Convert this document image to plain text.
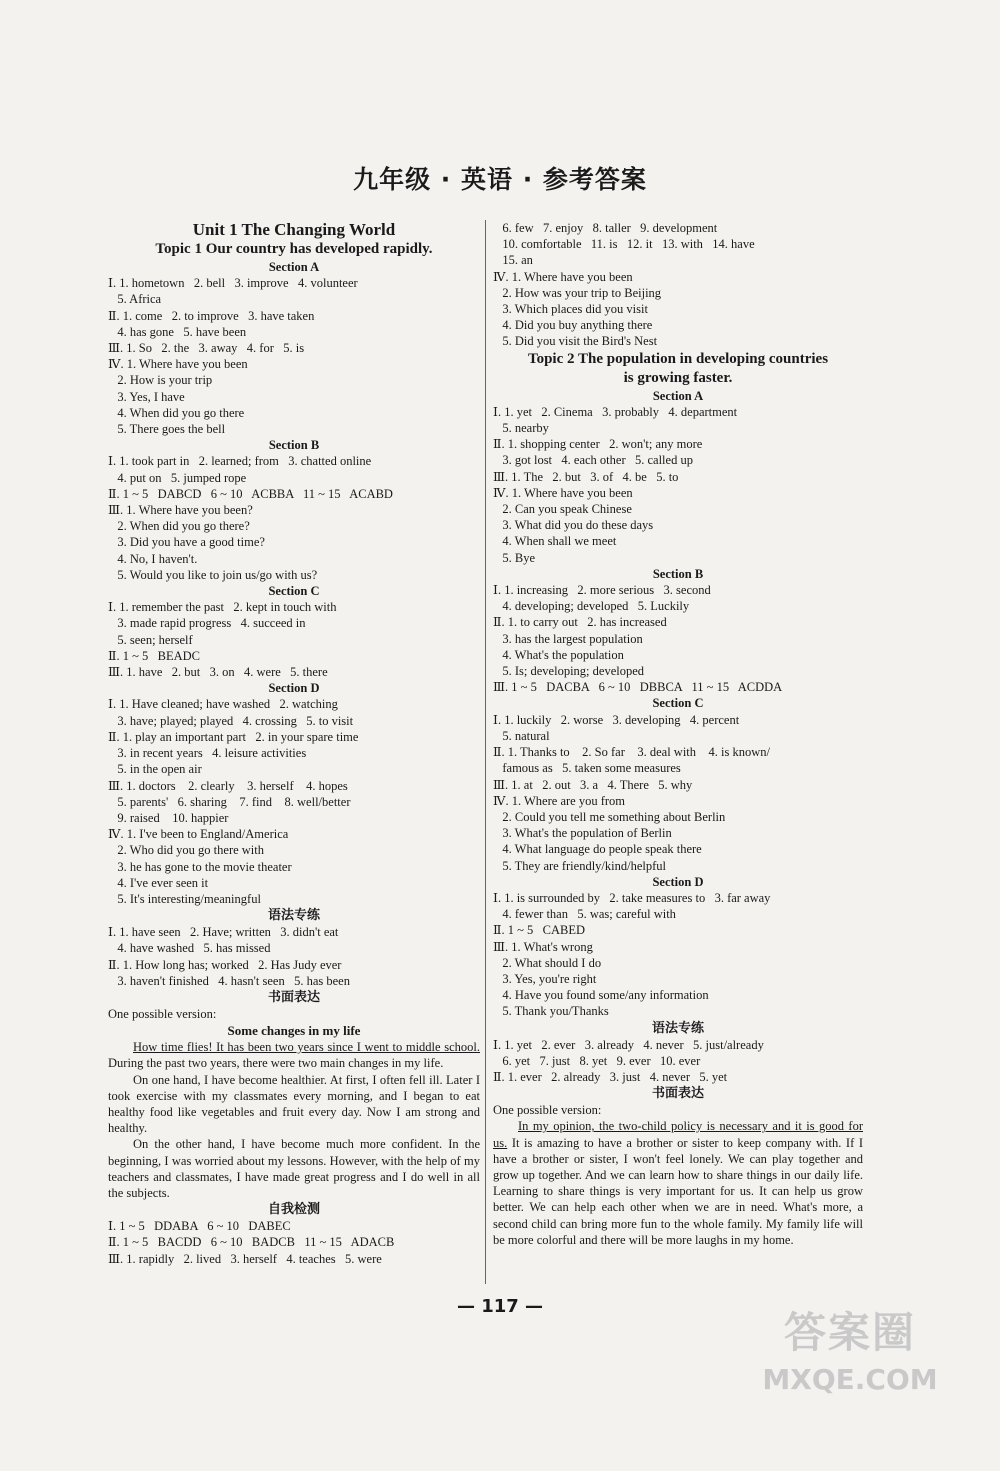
九年级 · 英语 · 参考答案
Unit 1 The Changing World
Topic 1 Our country has developed rapidly.
Section A
Ⅰ. 1. hometown   2. bell   3. improve   4. volunteer
5. Africa
Ⅱ. 1. come   2. to improve   3. have taken
4. has gone   5. have been
Ⅲ. 1. So   2. the   3. away   4. for   5. is
Ⅳ. 1. Where have you been
2. How is your trip
3. Yes, I have
4. When did you go there
5. There goes the bell
Section B
Ⅰ. 1. took part in   2. learned; from   3. chatted online
4. put on   5. jumped rope
Ⅱ. 1 ~ 5   DABCD   6 ~ 10   ACBBA   11 ~ 15   ACABD
Ⅲ. 1. Where have you been?
2. When did you go there?
3. Did you have a good time?
4. No, I haven't.
5. Would you like to join us/go with us?
Section C
Ⅰ. 1. remember the past   2. kept in touch with
3. made rapid progress   4. succeed in
5. seen; herself
Ⅱ. 1 ~ 5   BEADC
Ⅲ. 1. have   2. but   3. on   4. were   5. there
Section D
Ⅰ. 1. Have cleaned; have washed   2. watching
3. have; played; played   4. crossing   5. to visit
Ⅱ. 1. play an important part   2. in your spare time
3. in recent years   4. leisure activities
5. in the open air
Ⅲ. 1. doctors    2. clearly    3. herself    4. hopes
5. parents'   6. sharing    7. find    8. well/better
9. raised    10. happier
Ⅳ. 1. I've been to England/America
2. Who did you go there with
3. he has gone to the movie theater
4. I've ever seen it
5. It's interesting/meaningful
语法专练
Ⅰ. 1. have seen   2. Have; written   3. didn't eat
4. have washed   5. has missed
Ⅱ. 1. How long has; worked   2. Has Judy ever
3. haven't finished   4. hasn't seen   5. has been
书面表达
One possible version:
Some changes in my life

How time flies! It has been two years since I went to middle school. During the past two years, there were two main changes in my life.

On one hand, I have become healthier. At first, I often fell ill. Later I took exercise with my classmates every morning, and I began to eat healthy food like vegetables and fruit every day. Now I am strong and healthy.

On the other hand, I have become much more confident. In the beginning, I was worried about my lessons. However, with the help of my teachers and classmates, I have made great progress and I do well in all the subjects.

自我检测
Ⅰ. 1 ~ 5   DDABA   6 ~ 10   DABEC
Ⅱ. 1 ~ 5   BACDD   6 ~ 10   BADCB   11 ~ 15   ADACB
Ⅲ. 1. rapidly   2. lived   3. herself   4. teaches   5. were
6. few   7. enjoy   8. taller   9. development
10. comfortable   11. is   12. it   13. with   14. have
15. an
Ⅳ. 1. Where have you been
2. How was your trip to Beijing
3. Which places did you visit
4. Did you buy anything there
5. Did you visit the Bird's Nest
Topic 2 The population in developing countries
is growing faster.
Section A
Ⅰ. 1. yet   2. Cinema   3. probably   4. department
5. nearby
Ⅱ. 1. shopping center   2. won't; any more
3. got lost   4. each other   5. called up
Ⅲ. 1. The   2. but   3. of   4. be   5. to
Ⅳ. 1. Where have you been
2. Can you speak Chinese
3. What did you do these days
4. When shall we meet
5. Bye
Section B
Ⅰ. 1. increasing   2. more serious   3. second
4. developing; developed   5. Luckily
Ⅱ. 1. to carry out   2. has increased
3. has the largest population
4. What's the population
5. Is; developing; developed
Ⅲ. 1 ~ 5   DACBA   6 ~ 10   DBBCA   11 ~ 15   ACDDA
Section C
Ⅰ. 1. luckily   2. worse   3. developing   4. percent
5. natural
Ⅱ. 1. Thanks to    2. So far    3. deal with    4. is known/
famous as   5. taken some measures
Ⅲ. 1. at   2. out   3. a   4. There   5. why
Ⅳ. 1. Where are you from
2. Could you tell me something about Berlin
3. What's the population of Berlin
4. What language do people speak there
5. They are friendly/kind/helpful
Section D
Ⅰ. 1. is surrounded by   2. take measures to   3. far away
4. fewer than   5. was; careful with
Ⅱ. 1 ~ 5   CABED
Ⅲ. 1. What's wrong
2. What should I do
3. Yes, you're right
4. Have you found some/any information
5. Thank you/Thanks
语法专练
Ⅰ. 1. yet   2. ever   3. already   4. never   5. just/already
6. yet   7. just   8. yet   9. ever   10. ever
Ⅱ. 1. ever   2. already   3. just   4. never   5. yet
书面表达
One possible version:

In my opinion, the two-child policy is necessary and it is good for us. It is amazing to have a brother or sister to keep company with. If I have a brother or sister, I won't feel lonely. We can play together and grow up together. And we can learn how to share things in our daily life. Learning to share things is very important for us. It can help us grow better. We can help each other when we are in need. What's more, a second child can bring more fun to the whole family. My family life will be more colorful and there will be more laughs in my home.

— 117 —
答案圈
MXQE.COM
